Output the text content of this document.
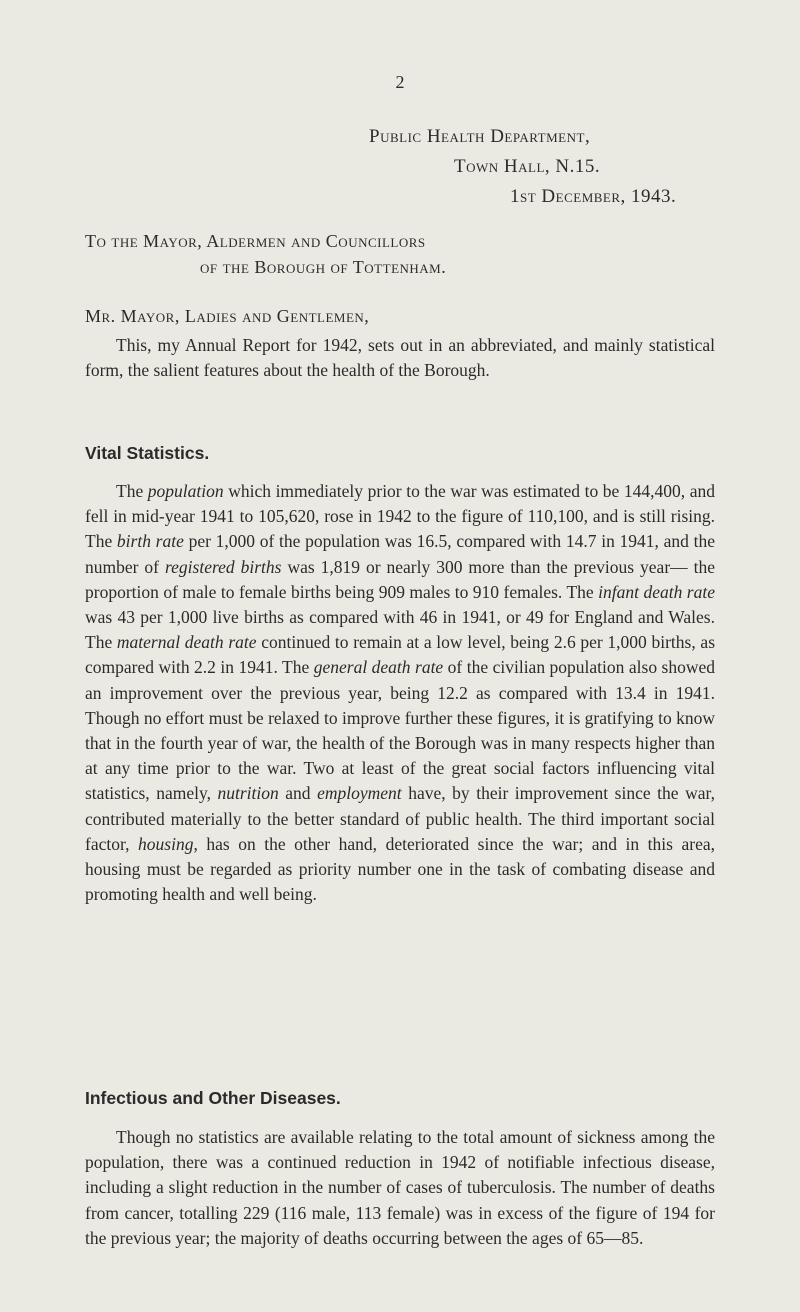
2
Public Health Department,
Town Hall, N.15.
1st December, 1943.
To the Mayor, Aldermen and Councillors
of the Borough of Tottenham.
Mr. Mayor, Ladies and Gentlemen,

This, my Annual Report for 1942, sets out in an abbreviated, and mainly statistical form, the salient features about the health of the Borough.

Vital Statistics.

The population which immediately prior to the war was estimated to be 144,400, and fell in mid-year 1941 to 105,620, rose in 1942 to the figure of 110,100, and is still rising. The birth rate per 1,000 of the population was 16.5, compared with 14.7 in 1941, and the number of registered births was 1,819 or nearly 300 more than the previous year— the proportion of male to female births being 909 males to 910 females. The infant death rate was 43 per 1,000 live births as compared with 46 in 1941, or 49 for England and Wales. The maternal death rate continued to remain at a low level, being 2.6 per 1,000 births, as compared with 2.2 in 1941. The general death rate of the civilian population also showed an improvement over the previous year, being 12.2 as compared with 13.4 in 1941. Though no effort must be relaxed to improve further these figures, it is gratifying to know that in the fourth year of war, the health of the Borough was in many respects higher than at any time prior to the war. Two at least of the great social factors influencing vital statistics, namely, nutrition and employment have, by their improvement since the war, contributed materially to the better standard of public health. The third important social factor, housing, has on the other hand, deteriorated since the war; and in this area, housing must be regarded as priority number one in the task of combating disease and promoting health and well being.

Infectious and Other Diseases.

Though no statistics are available relating to the total amount of sickness among the population, there was a continued reduction in 1942 of notifiable infectious disease, including a slight reduction in the number of cases of tuberculosis. The number of deaths from cancer, totalling 229 (116 male, 113 female) was in excess of the figure of 194 for the previous year; the majority of deaths occurring between the ages of 65—85.
